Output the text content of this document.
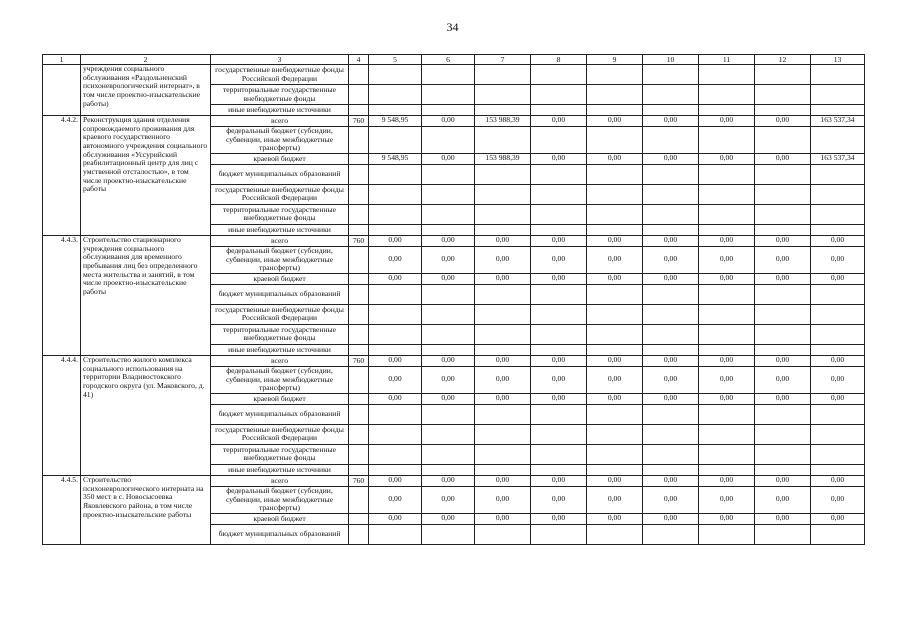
34
1	2	3	4	5	6	7	8	9	10	11	12	13
	учреждения социального обслуживания «Раздольненский психоневрологический интернат», в том числе проектно-изыскательские работы)	государственные внебюджетные фонды Российской Федерации										
		территориальные государственные внебюджетные фонды										
		иные внебюджетные источники										
4.4.2.	Реконструкция здания отделения сопровождаемого проживания для краевого государственного автономного учреждения социального обслуживания «Уссурийский реабилитационный центр для лиц с умственной отсталостью», в том числе проектно-изыскательские работы	всего	760	9 548,95	0,00	153 988,39	0,00	0,00	0,00	0,00	0,00	163 537,34
		федеральный бюджет (субсидии, субвенции, иные межбюджетные трансферты)										
		краевой бюджет		9 548,95	0,00	153 988,39	0,00	0,00	0,00	0,00	0,00	163 537,34
		бюджет муниципальных образований										
		государственные внебюджетные фонды Российской Федерации										
		территориальные государственные внебюджетные фонды										
		иные внебюджетные источники										
4.4.3.	Строительство стационарного учреждения социального обслуживания для временного пребывания лиц без определенного места жительства и занятий, в том числе проектно-изыскательские работы	всего	760	0,00	0,00	0,00	0,00	0,00	0,00	0,00	0,00	0,00
		федеральный бюджет (субсидии, субвенции, иные межбюджетные трансферты)		0,00	0,00	0,00	0,00	0,00	0,00	0,00	0,00	0,00
		краевой бюджет		0,00	0,00	0,00	0,00	0,00	0,00	0,00	0,00	0,00
		бюджет муниципальных образований										
		государственные внебюджетные фонды Российской Федерации										
		территориальные государственные внебюджетные фонды										
		иные внебюджетные источники										
4.4.4.	Строительство жилого комплекса социального использования на территории Владивостокского городского округа (ул. Маковского, д. 41)	всего	760	0,00	0,00	0,00	0,00	0,00	0,00	0,00	0,00	0,00
		федеральный бюджет (субсидии, субвенции, иные межбюджетные трансферты)		0,00	0,00	0,00	0,00	0,00	0,00	0,00	0,00	0,00
		краевой бюджет		0,00	0,00	0,00	0,00	0,00	0,00	0,00	0,00	0,00
		бюджет муниципальных образований										
		государственные внебюджетные фонды Российской Федерации										
		территориальные государственные внебюджетные фонды										
		иные внебюджетные источники										
4.4.5.	Строительство психоневрологического интерната на 350 мест в с. Новосысоевка Яковлевского района, в том числе проектно-изыскательские работы	всего	760	0,00	0,00	0,00	0,00	0,00	0,00	0,00	0,00	0,00
		федеральный бюджет (субсидии, субвенции, иные межбюджетные трансферты)		0,00	0,00	0,00	0,00	0,00	0,00	0,00	0,00	0,00
		краевой бюджет		0,00	0,00	0,00	0,00	0,00	0,00	0,00	0,00	0,00
		бюджет муниципальных образований										
